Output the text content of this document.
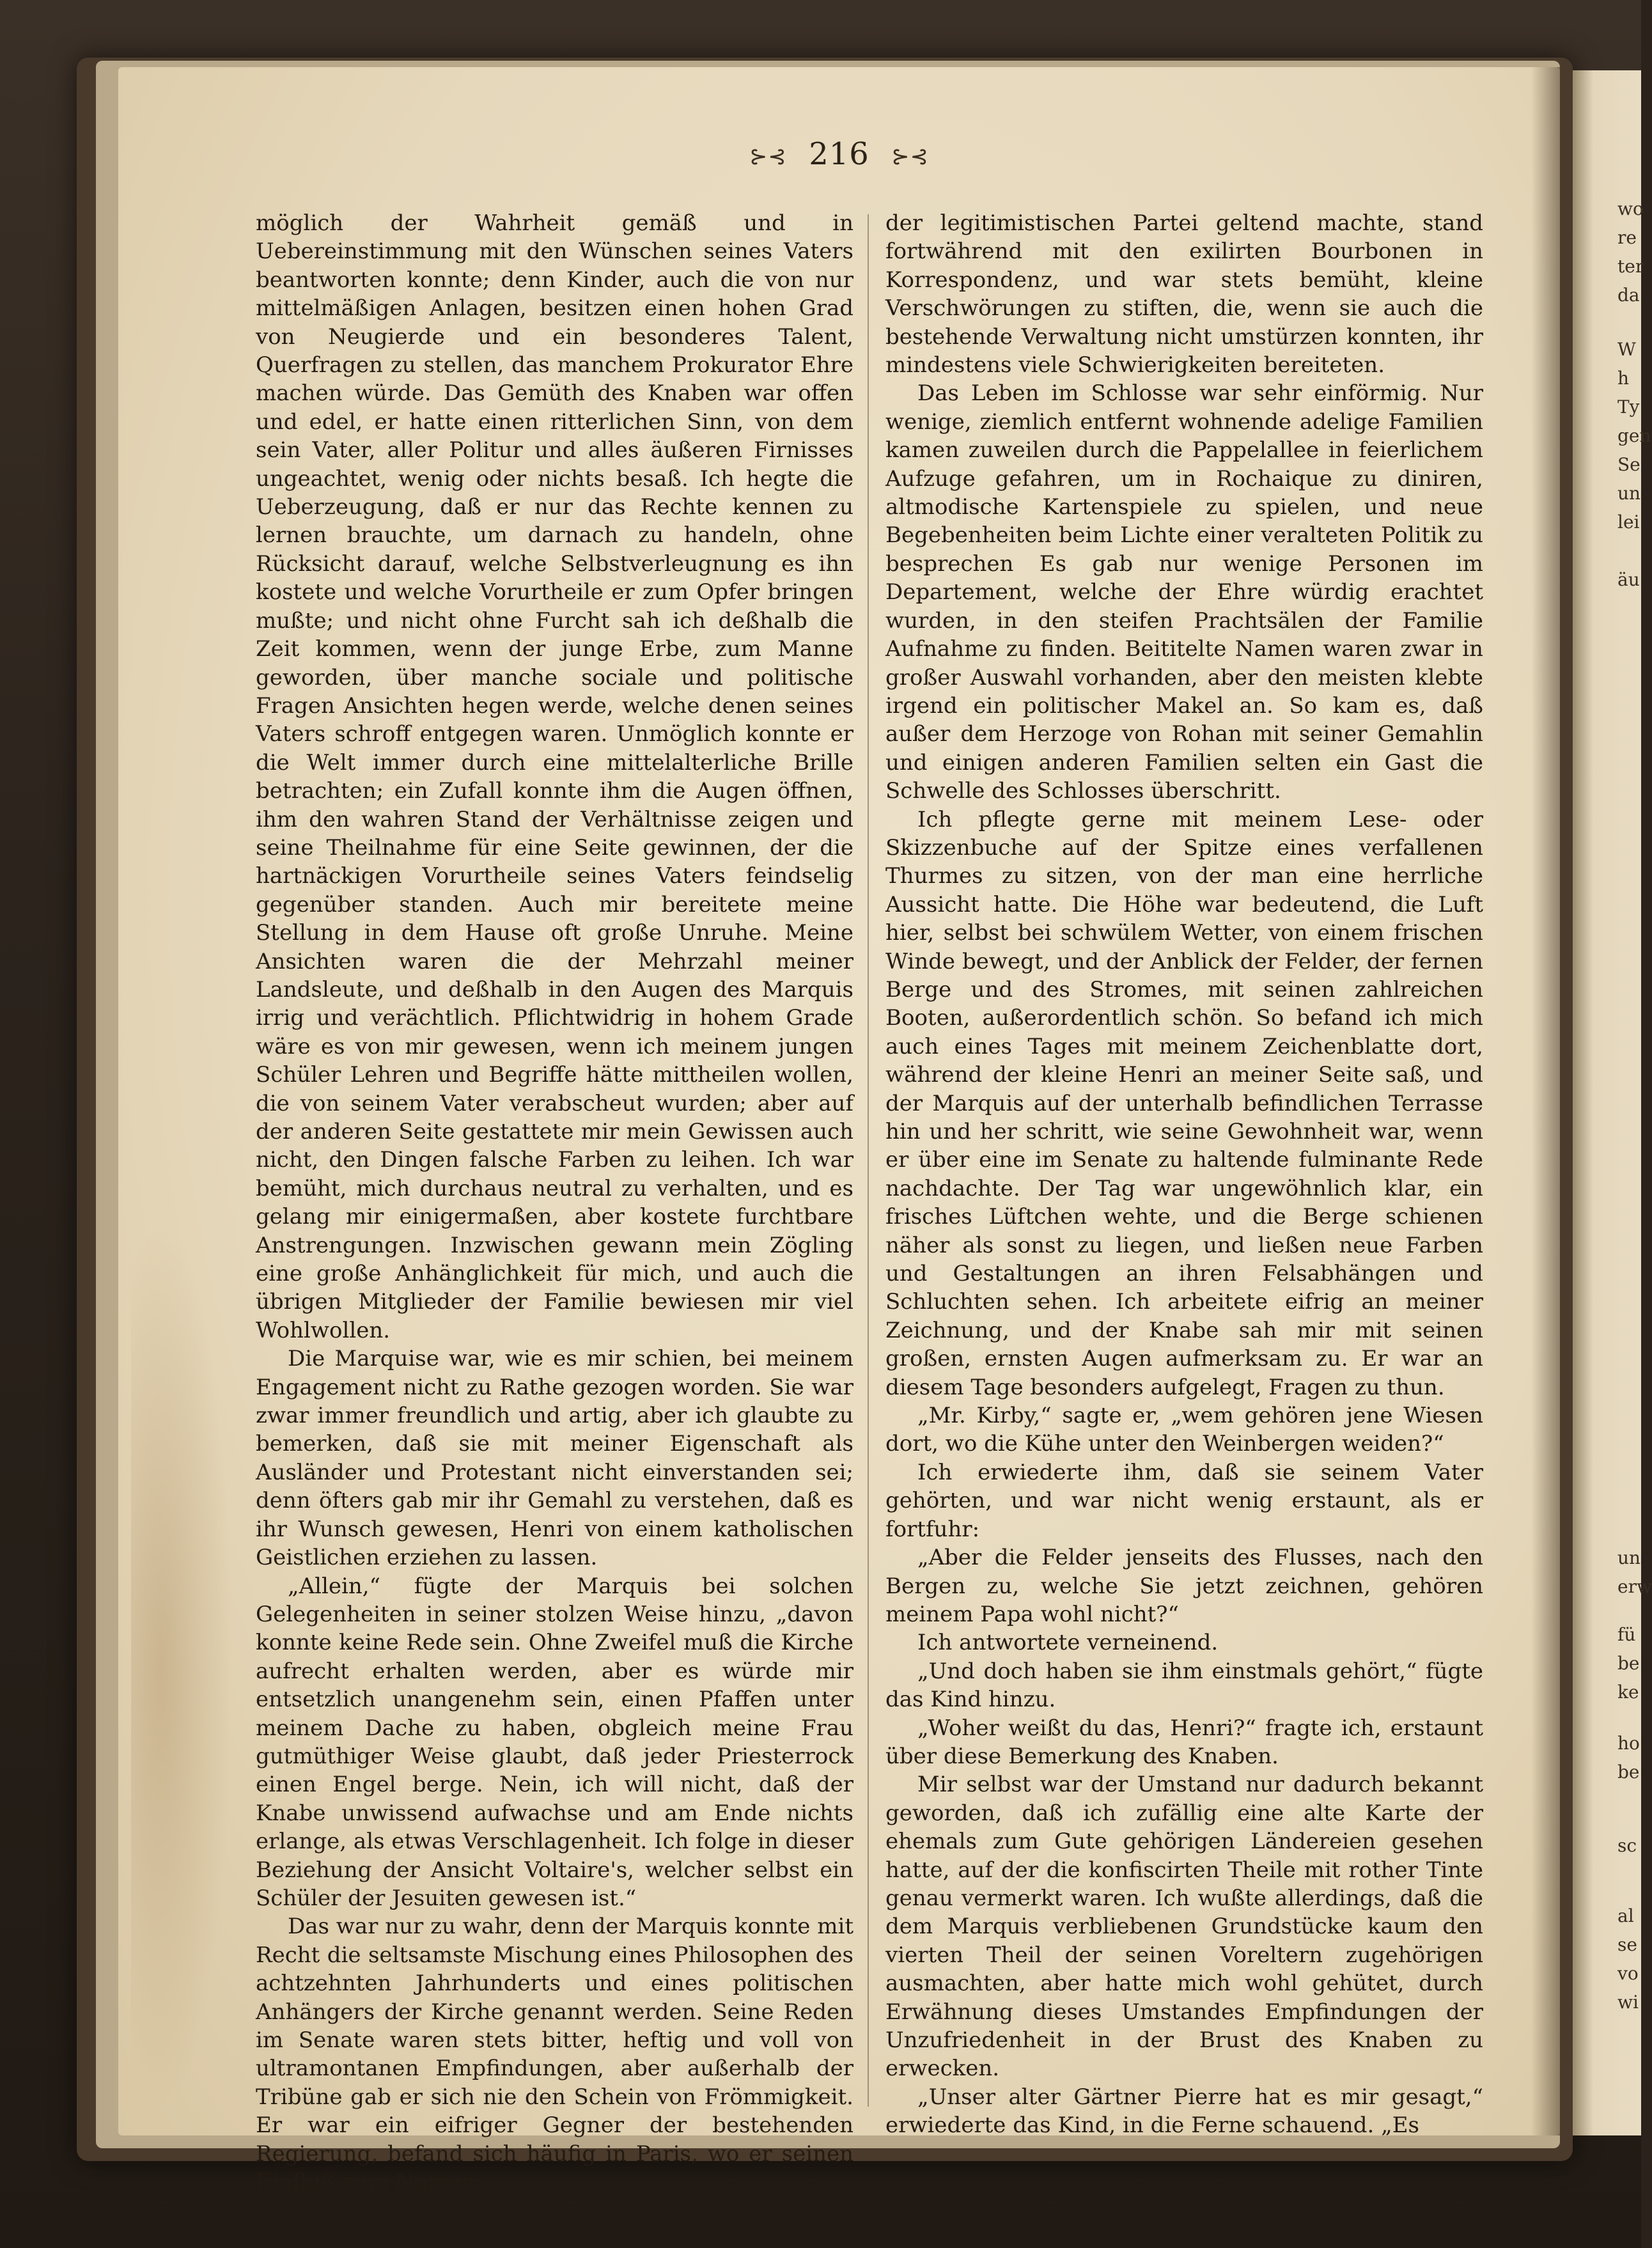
⊱⊰ 216 ⊱⊰

möglich der Wahrheit gemäß und in Uebereinstimmung mit den Wünschen seines Vaters beantworten konnte; denn Kinder, auch die von nur mittelmäßigen Anlagen, besitzen einen hohen Grad von Neugierde und ein besonderes Talent, Querfragen zu stellen, das manchem Prokurator Ehre machen würde. Das Gemüth des Knaben war offen und edel, er hatte einen ritterlichen Sinn, von dem sein Vater, aller Politur und alles äußeren Firnisses ungeachtet, wenig oder nichts besaß. Ich hegte die Ueberzeugung, daß er nur das Rechte kennen zu lernen brauchte, um darnach zu handeln, ohne Rücksicht darauf, welche Selbstverleugnung es ihn kostete und welche Vorurtheile er zum Opfer bringen mußte; und nicht ohne Furcht sah ich deßhalb die Zeit kommen, wenn der junge Erbe, zum Manne geworden, über manche sociale und politische Fragen Ansichten hegen werde, welche denen seines Vaters schroff entgegen waren. Unmöglich konnte er die Welt immer durch eine mittelalterliche Brille betrachten; ein Zufall konnte ihm die Augen öffnen, ihm den wahren Stand der Verhältnisse zeigen und seine Theilnahme für eine Seite gewinnen, der die hartnäckigen Vorurtheile seines Vaters feindselig gegenüber standen. Auch mir bereitete meine Stellung in dem Hause oft große Unruhe. Meine Ansichten waren die der Mehrzahl meiner Landsleute, und deßhalb in den Augen des Marquis irrig und verächtlich. Pflichtwidrig in hohem Grade wäre es von mir gewesen, wenn ich meinem jungen Schüler Lehren und Begriffe hätte mittheilen wollen, die von seinem Vater verabscheut wurden; aber auf der anderen Seite gestattete mir mein Gewissen auch nicht, den Dingen falsche Farben zu leihen. Ich war bemüht, mich durchaus neutral zu verhalten, und es gelang mir einigermaßen, aber kostete furchtbare Anstrengungen. Inzwischen gewann mein Zögling eine große Anhänglichkeit für mich, und auch die übrigen Mitglieder der Familie bewiesen mir viel Wohlwollen.

Die Marquise war, wie es mir schien, bei meinem Engagement nicht zu Rathe gezogen worden. Sie war zwar immer freundlich und artig, aber ich glaubte zu bemerken, daß sie mit meiner Eigenschaft als Ausländer und Protestant nicht einverstanden sei; denn öfters gab mir ihr Gemahl zu verstehen, daß es ihr Wunsch gewesen, Henri von einem katholischen Geistlichen erziehen zu lassen.

„Allein,“ fügte der Marquis bei solchen Gelegenheiten in seiner stolzen Weise hinzu, „davon konnte keine Rede sein. Ohne Zweifel muß die Kirche aufrecht erhalten werden, aber es würde mir entsetzlich unangenehm sein, einen Pfaffen unter meinem Dache zu haben, obgleich meine Frau gutmüthiger Weise glaubt, daß jeder Priesterrock einen Engel berge. Nein, ich will nicht, daß der Knabe unwissend aufwachse und am Ende nichts erlange, als etwas Verschlagenheit. Ich folge in dieser Beziehung der Ansicht Voltaire's, welcher selbst ein Schüler der Jesuiten gewesen ist.“

Das war nur zu wahr, denn der Marquis konnte mit Recht die seltsamste Mischung eines Philosophen des achtzehnten Jahrhunderts und eines politischen Anhängers der Kirche genannt werden. Seine Reden im Senate waren stets bitter, heftig und voll von ultramontanen Empfindungen, aber außerhalb der Tribüne gab er sich nie den Schein von Frömmigkeit. Er war ein eifriger Gegner der bestehenden Regierung, befand sich häufig in Paris, wo er seinen Einfluß zum Nutzen

der legitimistischen Partei geltend machte, stand fortwährend mit den exilirten Bourbonen in Korrespondenz, und war stets bemüht, kleine Verschwörungen zu stiften, die, wenn sie auch die bestehende Verwaltung nicht umstürzen konnten, ihr mindestens viele Schwierigkeiten bereiteten.

Das Leben im Schlosse war sehr einförmig. Nur wenige, ziemlich entfernt wohnende adelige Familien kamen zuweilen durch die Pappelallee in feierlichem Aufzuge gefahren, um in Rochaique zu diniren, altmodische Kartenspiele zu spielen, und neue Begebenheiten beim Lichte einer veralteten Politik zu besprechen Es gab nur wenige Personen im Departement, welche der Ehre würdig erachtet wurden, in den steifen Prachtsälen der Familie Aufnahme zu finden. Beititelte Namen waren zwar in großer Auswahl vorhanden, aber den meisten klebte irgend ein politischer Makel an. So kam es, daß außer dem Herzoge von Rohan mit seiner Gemahlin und einigen anderen Familien selten ein Gast die Schwelle des Schlosses überschritt.

Ich pflegte gerne mit meinem Lese- oder Skizzenbuche auf der Spitze eines verfallenen Thurmes zu sitzen, von der man eine herrliche Aussicht hatte. Die Höhe war bedeutend, die Luft hier, selbst bei schwülem Wetter, von einem frischen Winde bewegt, und der Anblick der Felder, der fernen Berge und des Stromes, mit seinen zahlreichen Booten, außerordentlich schön. So befand ich mich auch eines Tages mit meinem Zeichenblatte dort, während der kleine Henri an meiner Seite saß, und der Marquis auf der unterhalb befindlichen Terrasse hin und her schritt, wie seine Gewohnheit war, wenn er über eine im Senate zu haltende fulminante Rede nachdachte. Der Tag war ungewöhnlich klar, ein frisches Lüftchen wehte, und die Berge schienen näher als sonst zu liegen, und ließen neue Farben und Gestaltungen an ihren Felsabhängen und Schluchten sehen. Ich arbeitete eifrig an meiner Zeichnung, und der Knabe sah mir mit seinen großen, ernsten Augen aufmerksam zu. Er war an diesem Tage besonders aufgelegt, Fragen zu thun.

„Mr. Kirby,“ sagte er, „wem gehören jene Wiesen dort, wo die Kühe unter den Weinbergen weiden?“

Ich erwiederte ihm, daß sie seinem Vater gehörten, und war nicht wenig erstaunt, als er fortfuhr:

„Aber die Felder jenseits des Flusses, nach den Bergen zu, welche Sie jetzt zeichnen, gehören meinem Papa wohl nicht?“

Ich antwortete verneinend.

„Und doch haben sie ihm einstmals gehört,“ fügte das Kind hinzu.

„Woher weißt du das, Henri?“ fragte ich, erstaunt über diese Bemerkung des Knaben.

Mir selbst war der Umstand nur dadurch bekannt geworden, daß ich zufällig eine alte Karte der ehemals zum Gute gehörigen Ländereien gesehen hatte, auf der die konfiscirten Theile mit rother Tinte genau vermerkt waren. Ich wußte allerdings, daß die dem Marquis verbliebenen Grundstücke kaum den vierten Theil der seinen Voreltern zugehörigen ausmachten, aber hatte mich wohl gehütet, durch Erwähnung dieses Umstandes Empfindungen der Unzufriedenheit in der Brust des Knaben zu erwecken.

„Unser alter Gärtner Pierre hat es mir gesagt,“ erwiederte das Kind, in die Ferne schauend. „Es

wo
re
ter
da
W
h
Ty
gen
Se
un
lei
äu
un
erw
fü
be
ke
ho
be
sc
al
se
vo
wi
